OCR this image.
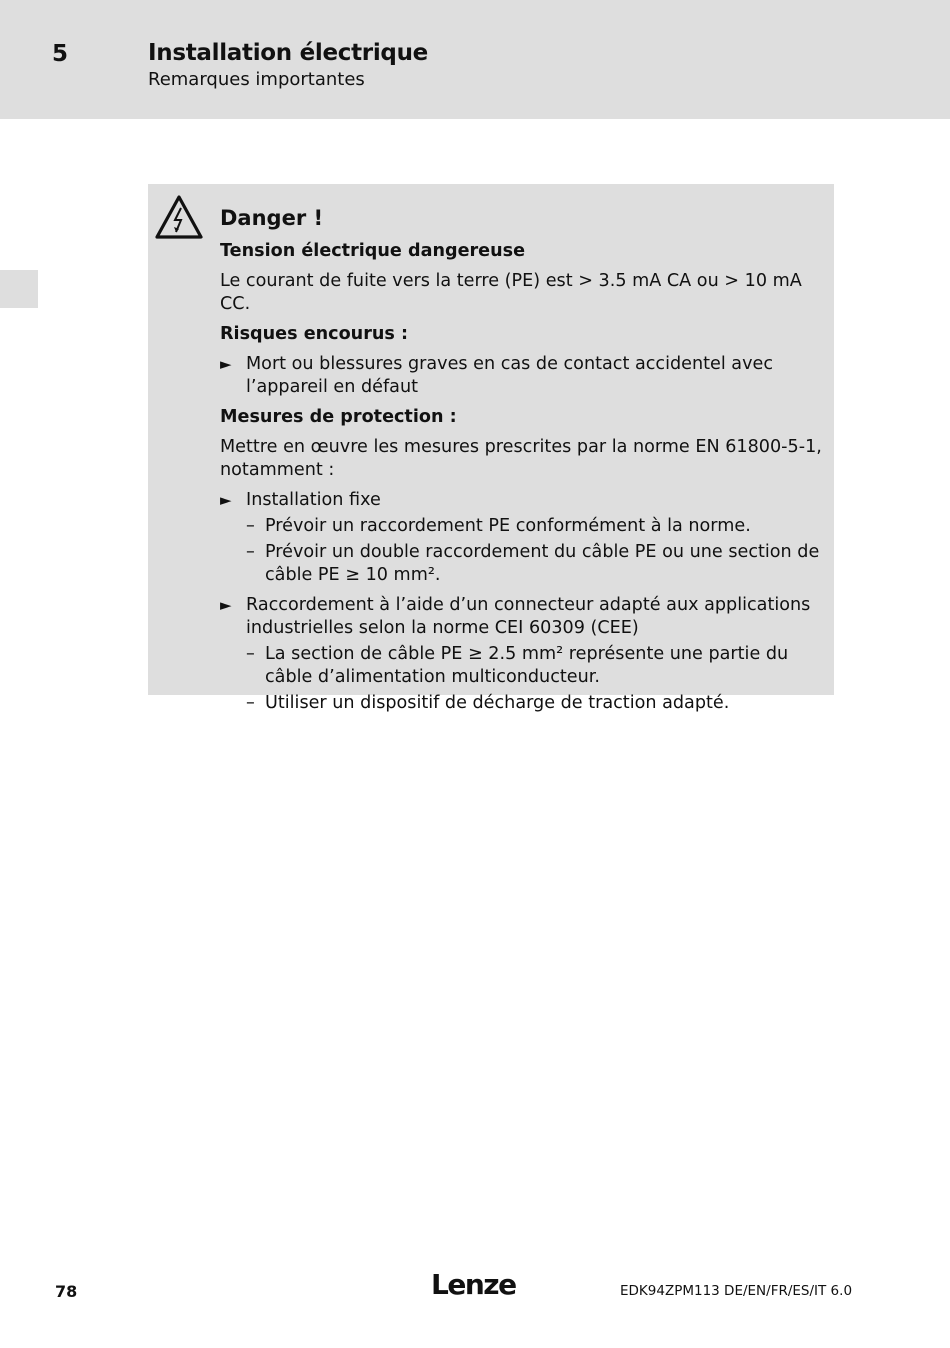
5	Installation électrique
Remarques importantes
Danger !
Tension électrique dangereuse
Le courant de fuite vers la terre (PE) est > 3.5 mA CA ou > 10 mA CC.
Risques encourus :
► Mort ou blessures graves en cas de contact accidentel avec l’appareil en défaut
Mesures de protection :
Mettre en œuvre les mesures prescrites par la norme EN 61800-5-1, notamment :
► Installation fixe
– Prévoir un raccordement PE conformément à la norme.
– Prévoir un double raccordement du câble PE ou une section de câble PE ≥ 10 mm².
► Raccordement à l’aide d’un connecteur adapté aux applications industrielles selon la norme CEI 60309 (CEE)
– La section de câble PE ≥ 2.5 mm² représente une partie du câble d’alimentation multiconducteur.
– Utiliser un dispositif de décharge de traction adapté.
78	Lenze	EDK94ZPM113 DE/EN/FR/ES/IT 6.0
